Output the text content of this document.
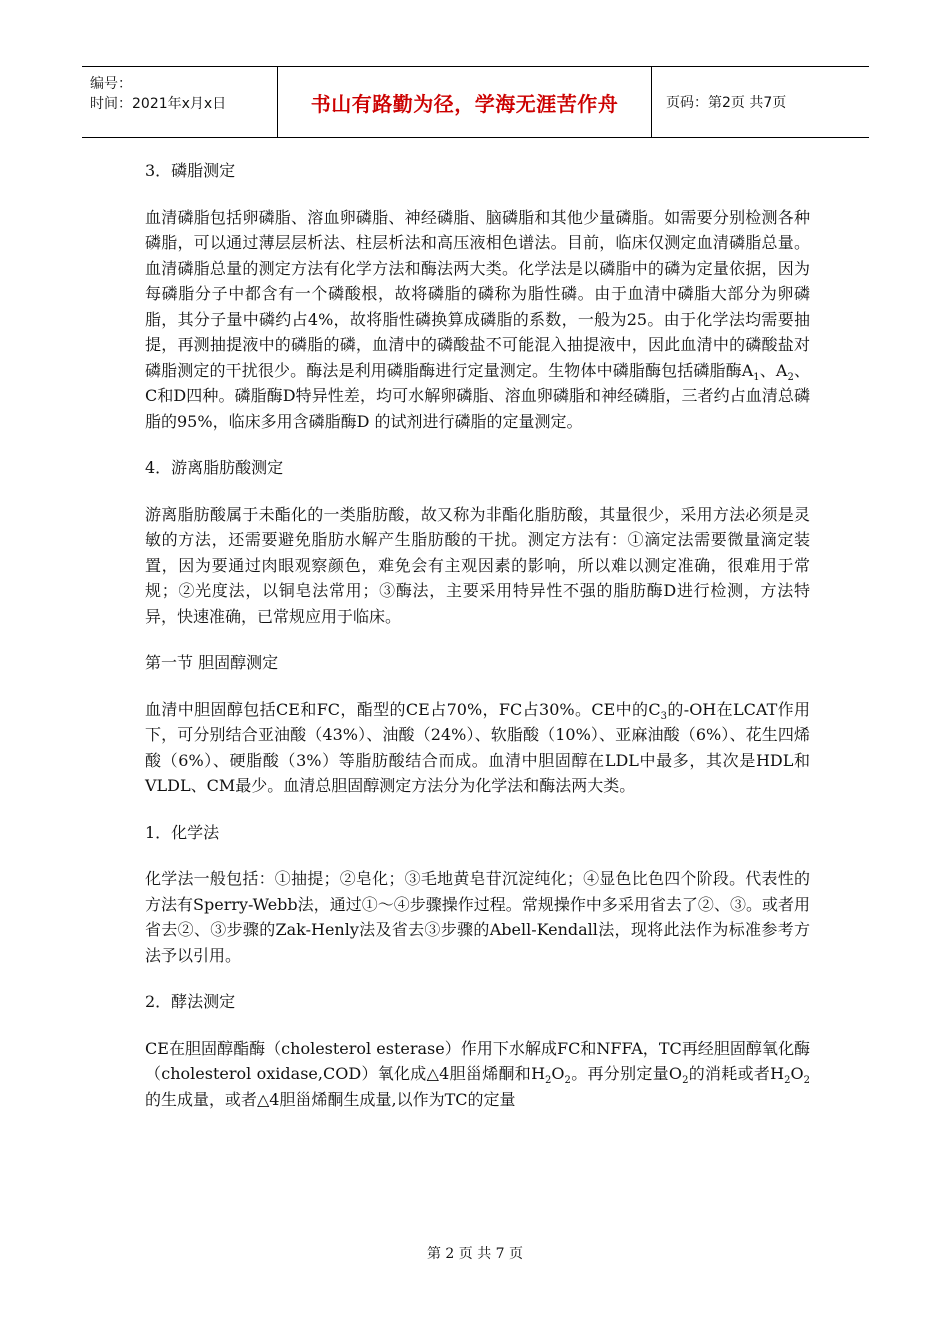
编号：
时间：2021年x月x日	书山有路勤为径，学海无涯苦作舟	页码：第2页 共7页

3．磷脂测定

血清磷脂包括卵磷脂、溶血卵磷脂、神经磷脂、脑磷脂和其他少量磷脂。如需要分别检测各种磷脂，可以通过薄层层析法、柱层析法和高压液相色谱法。目前，临床仅测定血清磷脂总量。血清磷脂总量的测定方法有化学方法和酶法两大类。化学法是以磷脂中的磷为定量依据，因为每磷脂分子中都含有一个磷酸根，故将磷脂的磷称为脂性磷。由于血清中磷脂大部分为卵磷脂，其分子量中磷约占4%，故将脂性磷换算成磷脂的系数，一般为25。由于化学法均需要抽提，再测抽提液中的磷脂的磷，血清中的磷酸盐不可能混入抽提液中，因此血清中的磷酸盐对磷脂测定的干扰很少。酶法是利用磷脂酶进行定量测定。生物体中磷脂酶包括磷脂酶$A_1$、$A_2$、C和D四种。磷脂酶D特异性差，均可水解卵磷脂、溶血卵磷脂和神经磷脂，三者约占血清总磷脂的95%，临床多用含磷脂酶D 的试剂进行磷脂的定量测定。

4．游离脂肪酸测定

游离脂肪酸属于未酯化的一类脂肪酸，故又称为非酯化脂肪酸，其量很少，采用方法必须是灵敏的方法，还需要避免脂肪水解产生脂肪酸的干扰。测定方法有：①滴定法需要微量滴定装置，因为要通过肉眼观察颜色，难免会有主观因素的影响，所以难以测定准确，很难用于常规；②光度法，以铜皂法常用；③酶法，主要采用特异性不强的脂肪酶D进行检测，方法特异，快速准确，已常规应用于临床。

第一节 胆固醇测定

血清中胆固醇包括CE和FC，酯型的CE占70%，FC占30%。CE中的$C_3$的-OH在LCAT作用下，可分别结合亚油酸（43%）、油酸（24%）、软脂酸（10%）、亚麻油酸（6%）、花生四烯酸（6%）、硬脂酸（3%）等脂肪酸结合而成。血清中胆固醇在LDL中最多，其次是HDL和VLDL、CM最少。血清总胆固醇测定方法分为化学法和酶法两大类。

1．化学法

化学法一般包括：①抽提；②皂化；③毛地黄皂苷沉淀纯化；④显色比色四个阶段。代表性的方法有Sperry-Webb法，通过①～④步骤操作过程。常规操作中多采用省去了②、③。或者用省去②、③步骤的Zak-Henly法及省去③步骤的Abell-Kendall法，现将此法作为标准参考方法予以引用。

2．酵法测定

CE在胆固醇酯酶（cholesterol esterase）作用下水解成FC和NFFA，TC再经胆固醇氧化酶（cholesterol oxidase,COD）氧化成△4胆甾烯酮和$H_2O_2$。再分别定量$O_2$的消耗或者$H_2O_2$的生成量，或者△4胆甾烯酮生成量,以作为TC的定量

第 2 页 共 7 页
